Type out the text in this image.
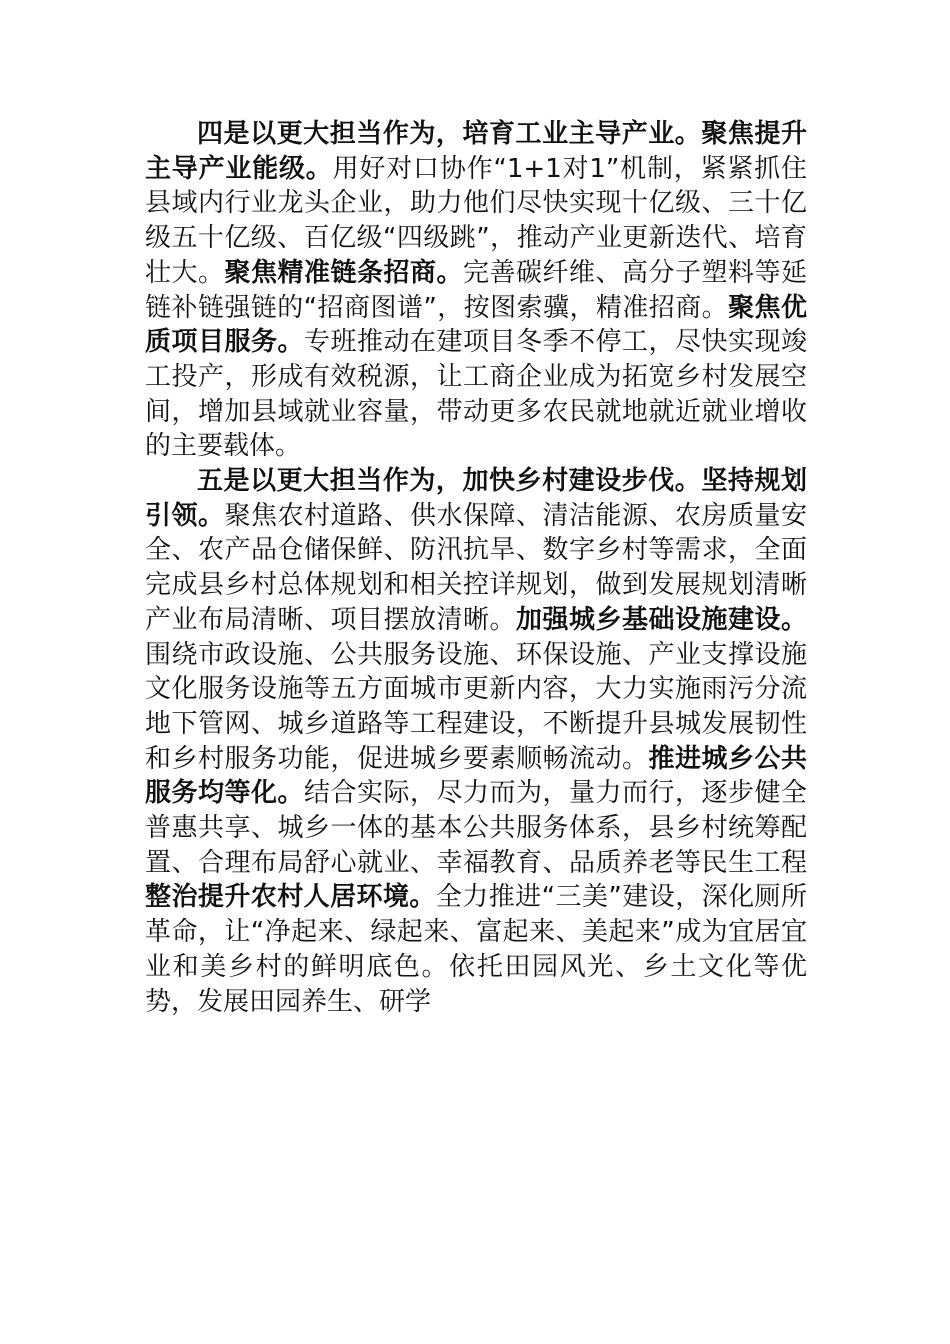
四是以更大担当作为，培育工业主导产业。聚焦提升主导产业能级。用好对口协作“1+1对1”机制，紧紧抓住县域内行业龙头企业，助力他们尽快实现十亿级、三十亿级五十亿级、百亿级“四级跳”，推动产业更新迭代、培育壮大。聚焦精准链条招商。完善碳纤维、高分子塑料等延链补链强链的“招商图谱”，按图索骥，精准招商。聚焦优质项目服务。专班推动在建项目冬季不停工，尽快实现竣工投产，形成有效税源，让工商企业成为拓宽乡村发展空间，增加县域就业容量，带动更多农民就地就近就业增收的主要载体。

五是以更大担当作为，加快乡村建设步伐。坚持规划引领。聚焦农村道路、供水保障、清洁能源、农房质量安全、农产品仓储保鲜、防汛抗旱、数字乡村等需求，全面完成县乡村总体规划和相关控详规划，做到发展规划清晰产业布局清晰、项目摆放清晰。加强城乡基础设施建设。围绕市政设施、公共服务设施、环保设施、产业支撑设施文化服务设施等五方面城市更新内容，大力实施雨污分流地下管网、城乡道路等工程建设，不断提升县城发展韧性和乡村服务功能，促进城乡要素顺畅流动。推进城乡公共服务均等化。结合实际，尽力而为，量力而行，逐步健全普惠共享、城乡一体的基本公共服务体系，县乡村统筹配置、合理布局舒心就业、幸福教育、品质养老等民生工程整治提升农村人居环境。全力推进“三美”建设，深化厕所革命，让“净起来、绿起来、富起来、美起来”成为宜居宜业和美乡村的鲜明底色。依托田园风光、乡土文化等优势，发展田园养生、研学
